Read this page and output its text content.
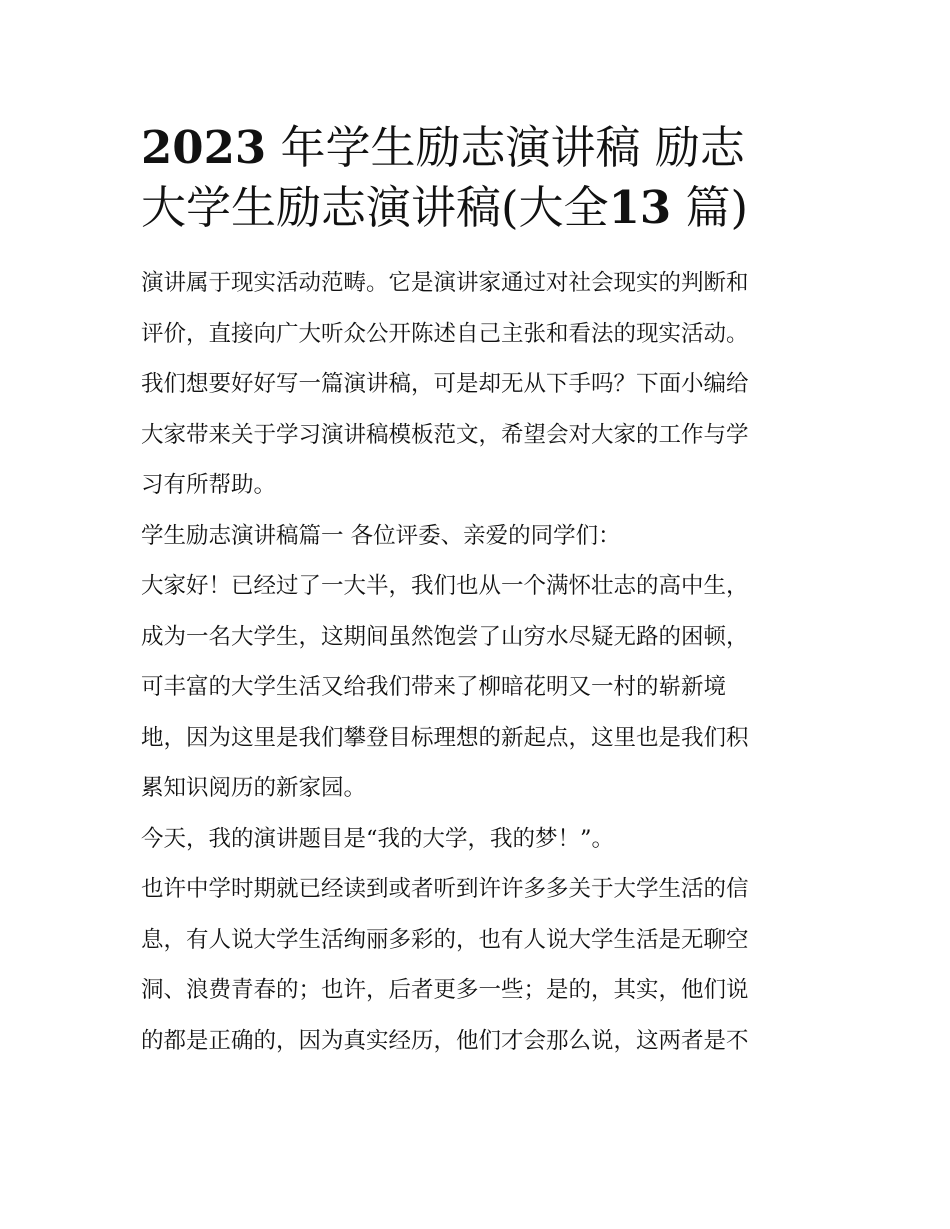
2023 年学生励志演讲稿 励志
大学生励志演讲稿(大全13 篇)

演讲属于现实活动范畴。它是演讲家通过对社会现实的判断和
评价，直接向广大听众公开陈述自己主张和看法的现实活动。
我们想要好好写一篇演讲稿，可是却无从下手吗？下面小编给
大家带来关于学习演讲稿模板范文，希望会对大家的工作与学
习有所帮助。

学生励志演讲稿篇一 各位评委、亲爱的同学们：

大家好！已经过了一大半，我们也从一个满怀壮志的高中生，
成为一名大学生，这期间虽然饱尝了山穷水尽疑无路的困顿，
可丰富的大学生活又给我们带来了柳暗花明又一村的崭新境
地，因为这里是我们攀登目标理想的新起点，这里也是我们积
累知识阅历的新家园。

今天，我的演讲题目是“我的大学，我的梦！”。

也许中学时期就已经读到或者听到许许多多关于大学生活的信
息，有人说大学生活绚丽多彩的，也有人说大学生活是无聊空
洞、浪费青春的；也许，后者更多一些；是的，其实，他们说
的都是正确的，因为真实经历，他们才会那么说，这两者是不
